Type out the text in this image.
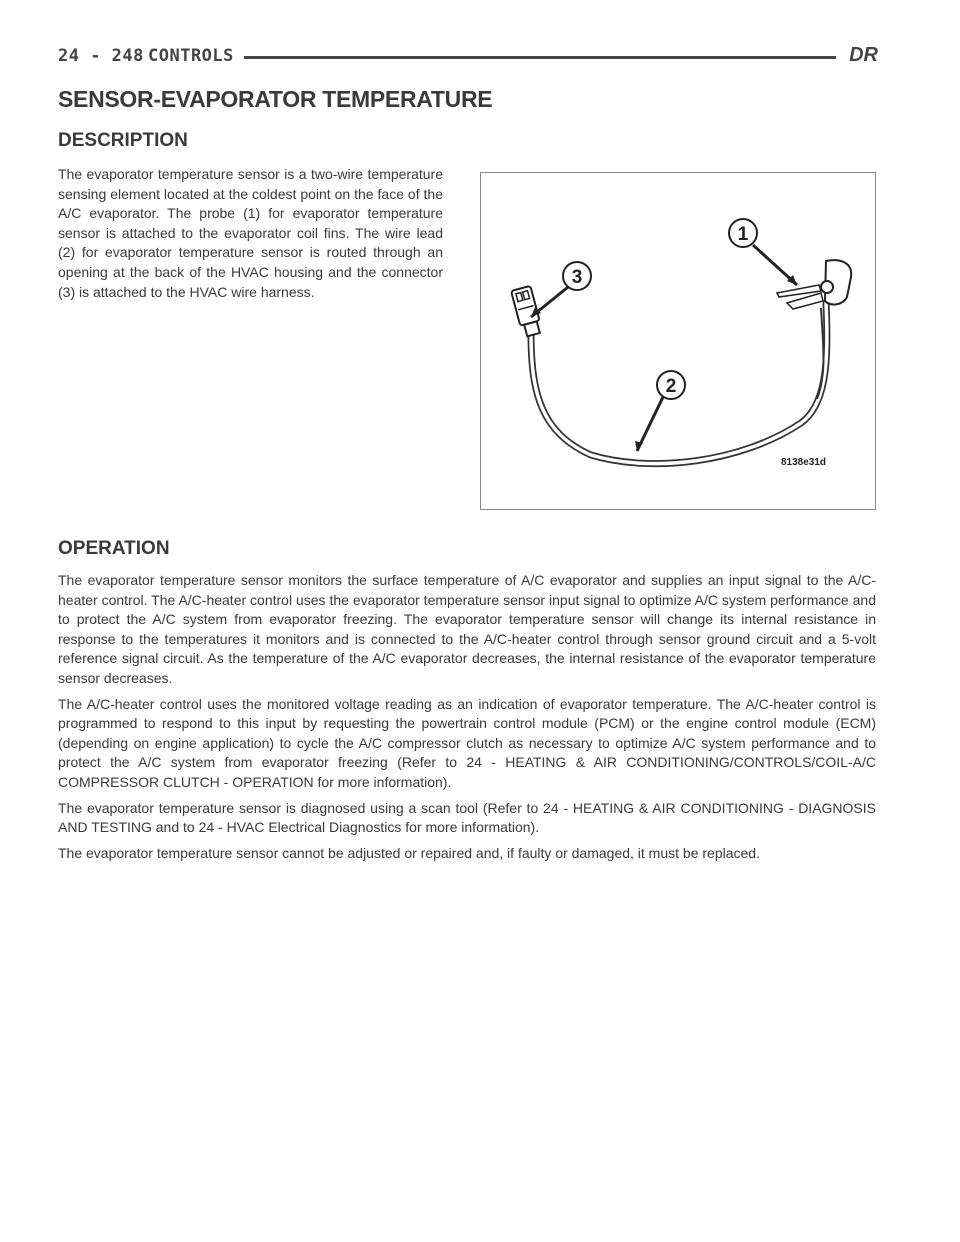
24 - 248 CONTROLS	DR
SENSOR-EVAPORATOR TEMPERATURE
DESCRIPTION

The evaporator temperature sensor is a two-wire temperature sensing element located at the coldest point on the face of the A/C evaporator. The probe (1) for evaporator temperature sensor is attached to the evaporator coil fins. The wire lead (2) for evaporator temperature sensor is routed through an opening at the back of the HVAC housing and the connector (3) is attached to the HVAC wire harness.

1
3
2
8138e31d
OPERATION

The evaporator temperature sensor monitors the surface temperature of A/C evaporator and supplies an input signal to the A/C-heater control. The A/C-heater control uses the evaporator temperature sensor input signal to optimize A/C system performance and to protect the A/C system from evaporator freezing. The evaporator temperature sensor will change its internal resistance in response to the temperatures it monitors and is connected to the A/C-heater control through sensor ground circuit and a 5-volt reference signal circuit. As the temperature of the A/C evaporator decreases, the internal resistance of the evaporator temperature sensor decreases.

The A/C-heater control uses the monitored voltage reading as an indication of evaporator temperature. The A/C-heater control is programmed to respond to this input by requesting the powertrain control module (PCM) or the engine control module (ECM) (depending on engine application) to cycle the A/C compressor clutch as necessary to optimize A/C system performance and to protect the A/C system from evaporator freezing (Refer to 24 - HEATING & AIR CONDITIONING/CONTROLS/COIL-A/C COMPRESSOR CLUTCH - OPERATION for more information).

The evaporator temperature sensor is diagnosed using a scan tool (Refer to 24 - HEATING & AIR CONDITIONING - DIAGNOSIS AND TESTING and to 24 - HVAC Electrical Diagnostics for more information).

The evaporator temperature sensor cannot be adjusted or repaired and, if faulty or damaged, it must be replaced.
